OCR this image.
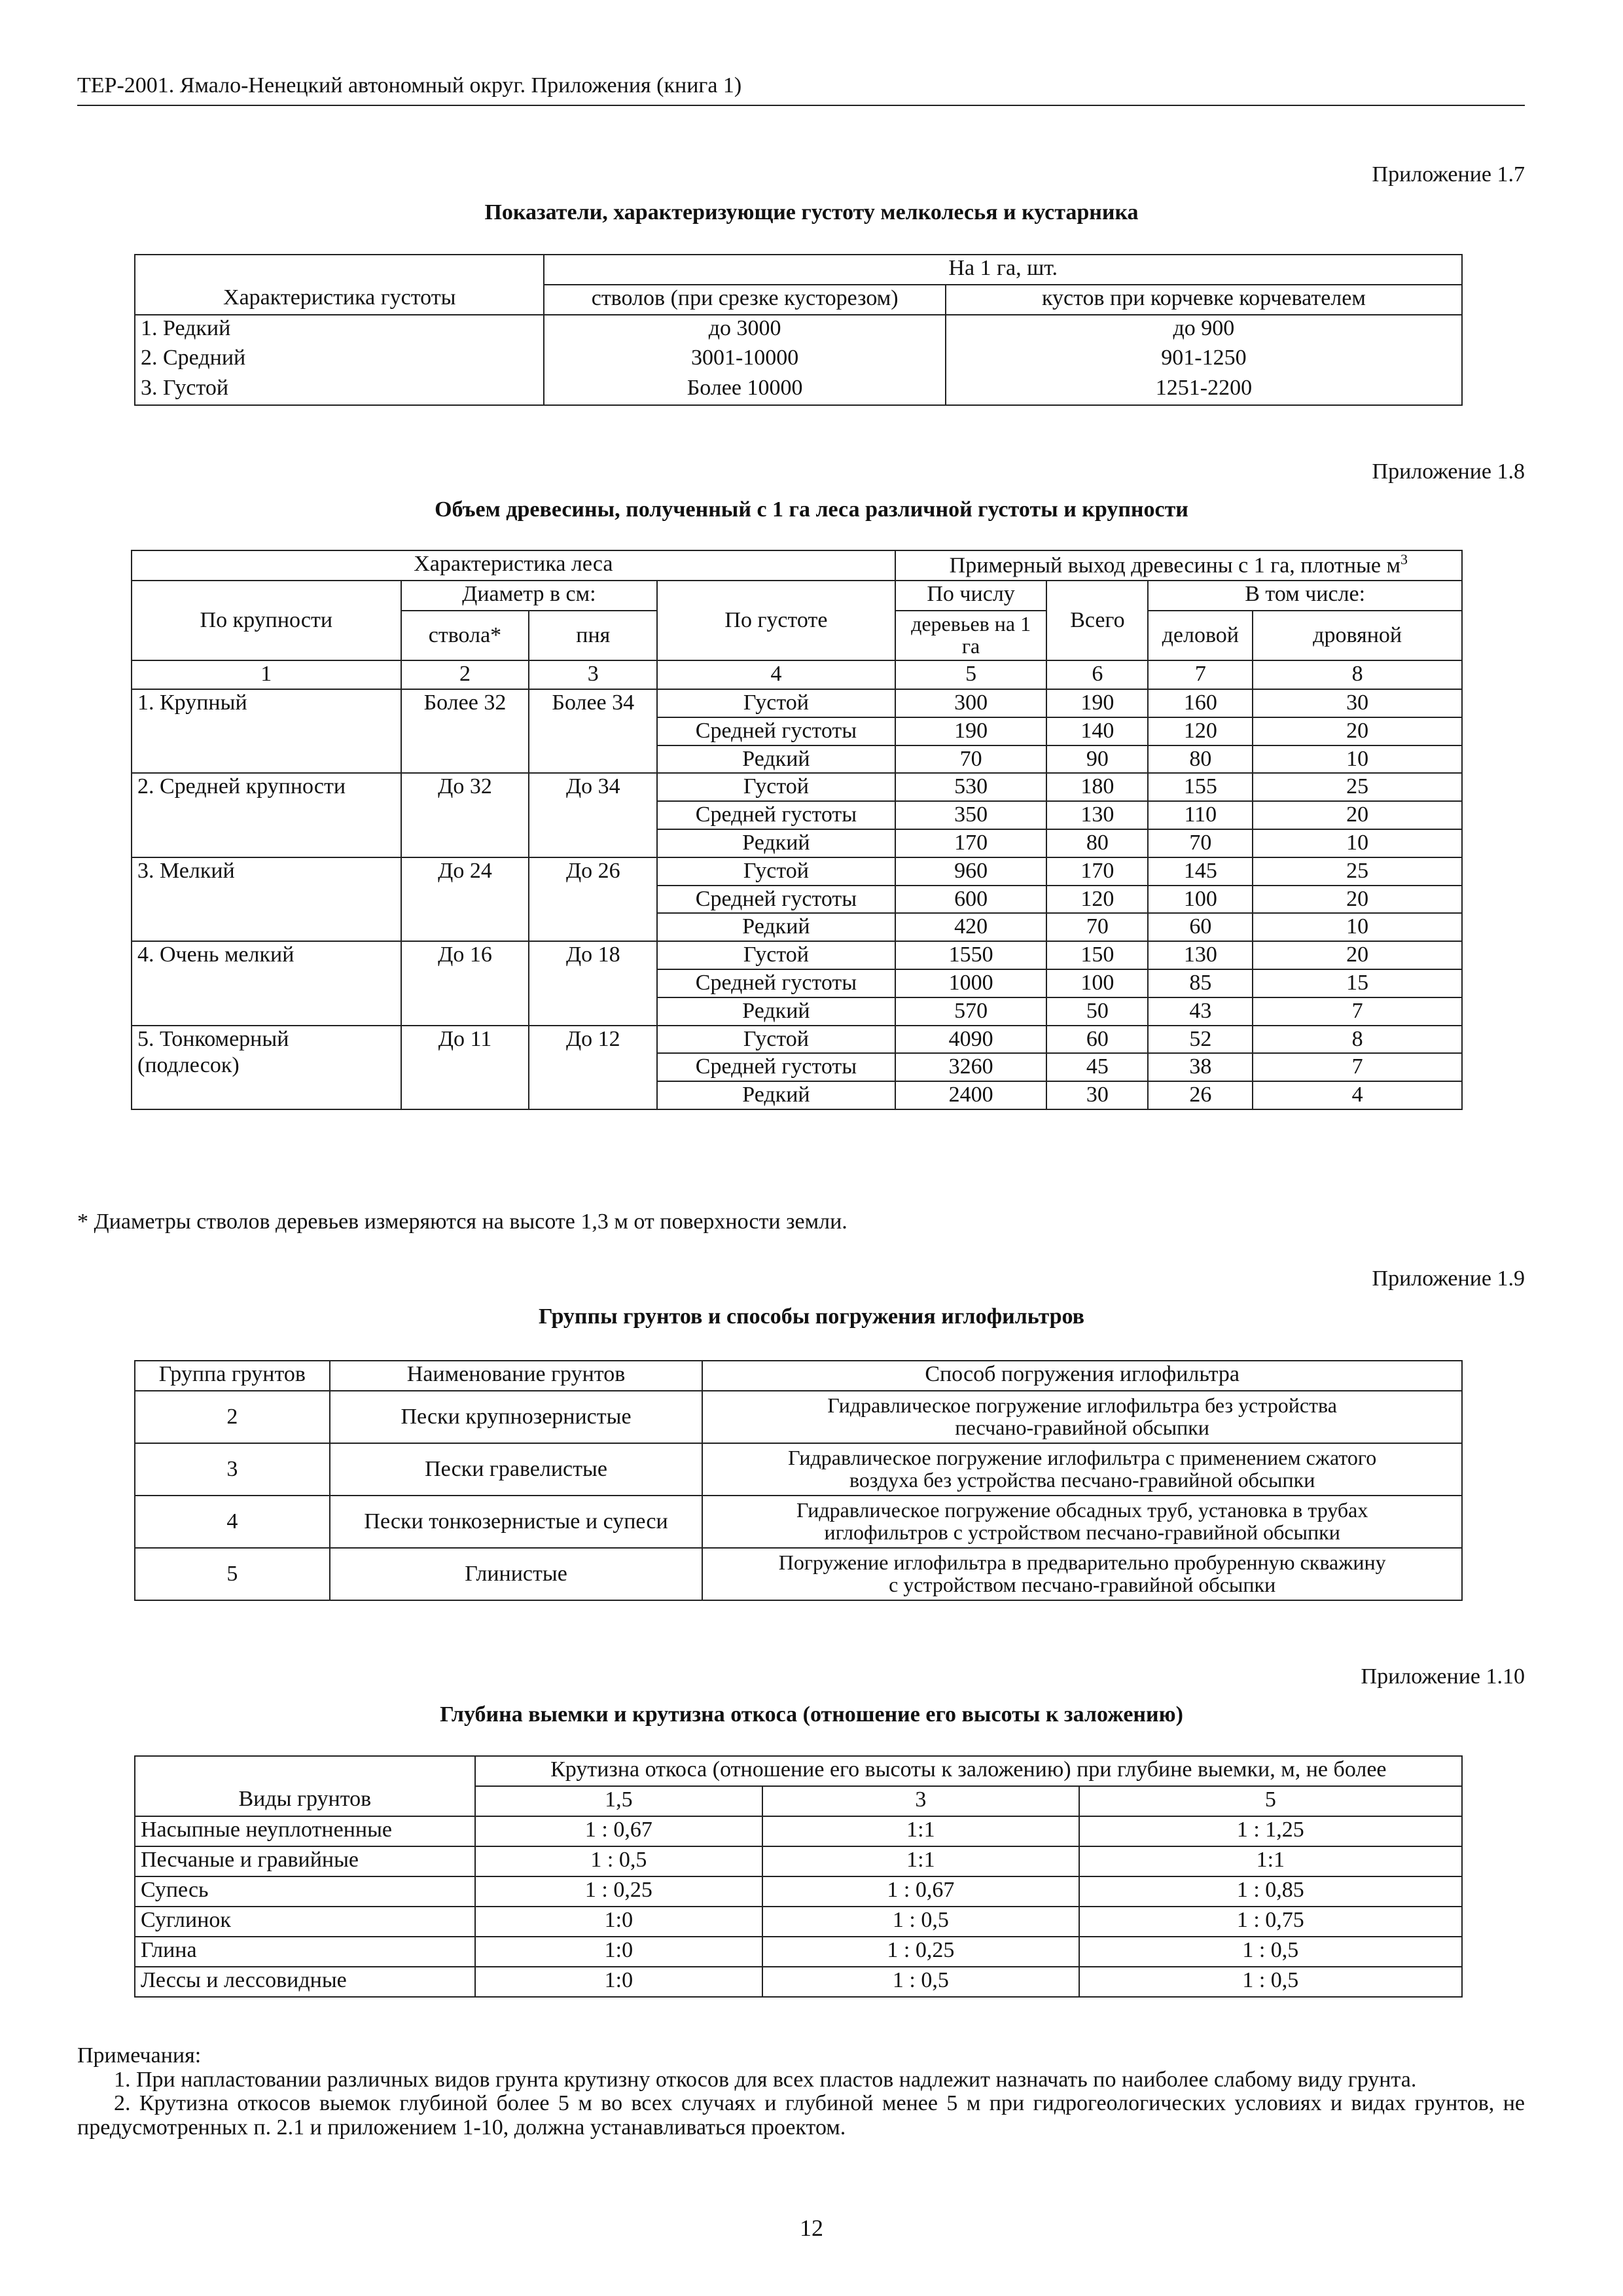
ТЕР-2001. Ямало-Ненецкий автономный округ. Приложения (книга 1)
Приложение 1.7
Показатели, характеризующие густоту мелколесья и кустарника
	На 1 га, шт.	
Характеристика густоты	стволов (при срезке кусторезом)	кустов при корчевке корчевателем
1. Редкий	до 3000	до 900
2. Средний	3001-10000	901-1250
3. Густой	Более 10000	1251-2200
Приложение 1.8
Объем древесины, полученный с 1 га леса различной густоты и крупности
Характеристика леса				Примерный выход древесины с 1 га, плотные $м^3$
По крупности	Диаметр в см:		По густоте	По числу	Всего	В том числе:	
	ствола*	пня		деревьев на 1 га		деловой	дровяной
1	2	3	4	5	6	7	8

1. Крупный	Более 32	Более 34	Густой	300	190	160	30
			Средней густоты	190	140	120	20
			Редкий	70	90	80	10

2. Средней крупности	До 32	До 34	Густой	530	180	155	25
			Средней густоты	350	130	110	20
			Редкий	170	80	70	10

3. Мелкий	До 24	До 26	Густой	960	170	145	25
			Средней густоты	600	120	100	20
			Редкий	420	70	60	10

4. Очень мелкий	До 16	До 18	Густой	1550	150	130	20
			Средней густоты	1000	100	85	15
			Редкий	570	50	43	7

5. Тонкомерный
(подлесок)	До 11	До 12	Густой	4090	60	52	8
			Средней густоты	3260	45	38	7
			Редкий	2400	30	26	4
* Диаметры стволов деревьев измеряются на высоте 1,3 м от поверхности земли.
Приложение 1.9
Группы грунтов и способы погружения иглофильтров
Группа грунтов	Наименование грунтов	Способ погружения иглофильтра
2	Пески крупнозернистые	Гидравлическое погружение иглофильтра без устройства
песчано-гравийной обсыпки

3	Пески гравелистые	Гидравлическое погружение иглофильтра с применением сжатого
воздуха без устройства песчано-гравийной обсыпки

4	Пески тонкозернистые и супеси	Гидравлическое погружение обсадных труб, установка в трубах
иглофильтров с устройством песчано-гравийной обсыпки

5	Глинистые	Погружение иглофильтра в предварительно пробуренную скважину
с устройством песчано-гравийной обсыпки
Приложение 1.10
Глубина выемки и крутизна откоса (отношение его высоты к заложению)
	Крутизна откоса (отношение его высоты к заложению) при глубине выемки, м, не более		
Виды грунтов	1,5	3	5
Насыпные неуплотненные	1 : 0,67	1:1	1 : 1,25
Песчаные и гравийные	1 : 0,5	1:1	1:1
Супесь	1 : 0,25	1 : 0,67	1 : 0,85
Суглинок	1:0	1 : 0,5	1 : 0,75
Глина	1:0	1 : 0,25	1 : 0,5
Лессы и лессовидные	1:0	1 : 0,5	1 : 0,5

Примечания:

1. При напластовании различных видов грунта крутизну откосов для всех пластов надлежит назначать по наиболее слабому виду грунта.

2. Крутизна откосов выемок глубиной более 5 м во всех случаях и глубиной менее 5 м при гидрогеологических условиях и видах грунтов, не предусмотренных п. 2.1 и приложением 1-10, должна устанавливаться проектом.

12
